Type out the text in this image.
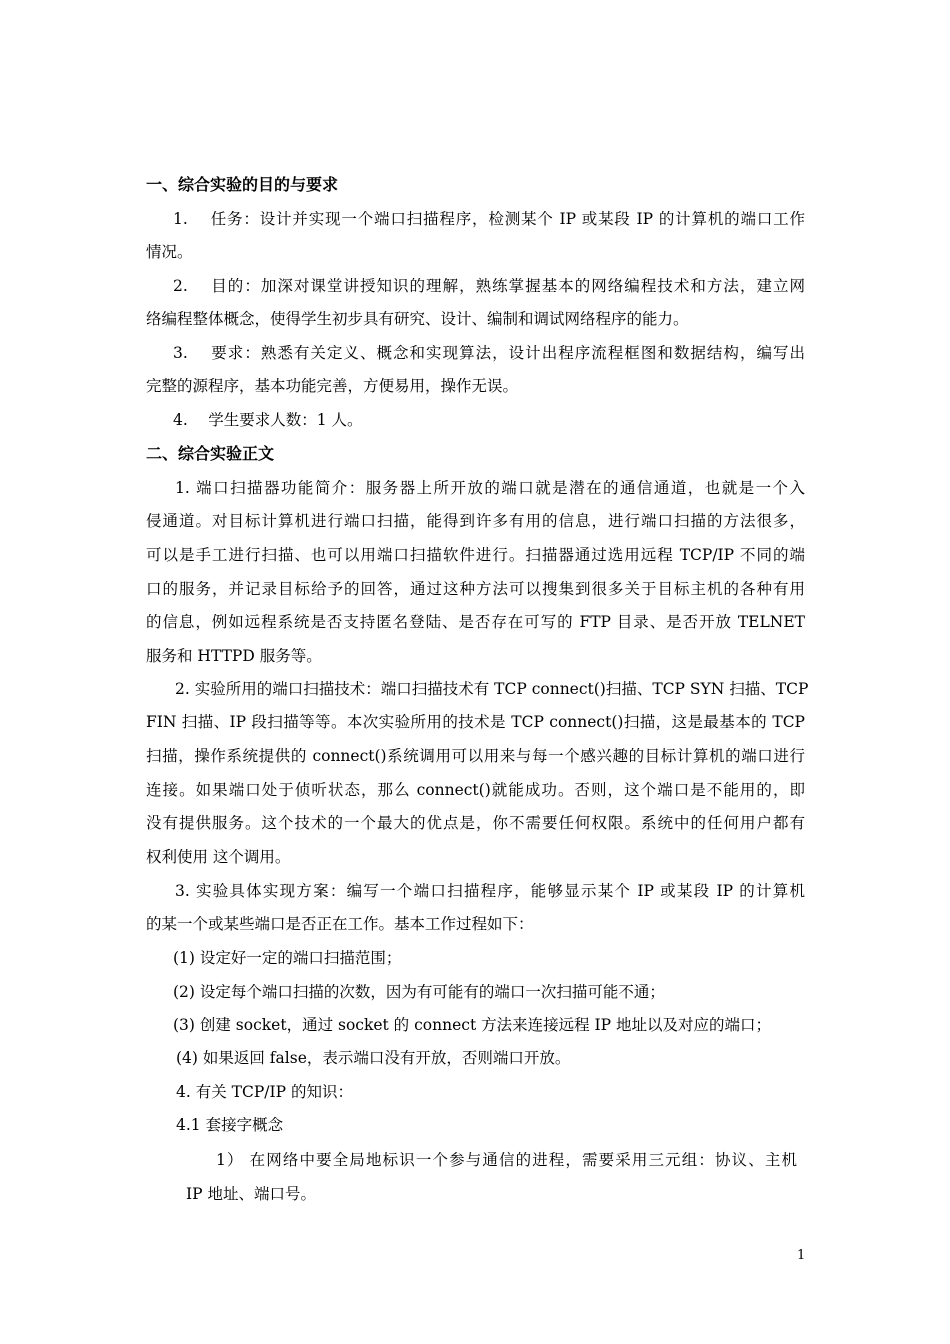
一、综合实验的目的与要求
1.　 任务：设计并实现一个端口扫描程序，检测某个 IP 或某段 IP 的计算机的端口工作
情况。
2.　 目的：加深对课堂讲授知识的理解，熟练掌握基本的网络编程技术和方法，建立网
络编程整体概念，使得学生初步具有研究、设计、编制和调试网络程序的能力。
3.　 要求：熟悉有关定义、概念和实现算法，设计出程序流程框图和数据结构，编写出
完整的源程序，基本功能完善，方便易用，操作无误。
4.　 学生要求人数：1 人。
二、综合实验正文
1. 端口扫描器功能简介：服务器上所开放的端口就是潜在的通信通道，也就是一个入
侵通道。对目标计算机进行端口扫描，能得到许多有用的信息，进行端口扫描的方法很多，
可以是手工进行扫描、也可以用端口扫描软件进行。扫描器通过选用远程 TCP/IP 不同的端
口的服务，并记录目标给予的回答，通过这种方法可以搜集到很多关于目标主机的各种有用
的信息，例如远程系统是否支持匿名登陆、是否存在可写的 FTP 目录、是否开放 TELNET
服务和 HTTPD 服务等。
2. 实验所用的端口扫描技术：端口扫描技术有 TCP connect()扫描、TCP SYN 扫描、TCP
FIN 扫描、IP 段扫描等等。本次实验所用的技术是 TCP connect()扫描，这是最基本的 TCP
扫描，操作系统提供的 connect()系统调用可以用来与每一个感兴趣的目标计算机的端口进行
连接。如果端口处于侦听状态，那么 connect()就能成功。否则，这个端口是不能用的，即
没有提供服务。这个技术的一个最大的优点是，你不需要任何权限。系统中的任何用户都有
权利使用 这个调用。
3. 实验具体实现方案：编写一个端口扫描程序，能够显示某个 IP 或某段 IP 的计算机
的某一个或某些端口是否正在工作。基本工作过程如下：
(1) 设定好一定的端口扫描范围；
(2) 设定每个端口扫描的次数，因为有可能有的端口一次扫描可能不通；
(3) 创建 socket，通过 socket 的 connect 方法来连接远程 IP 地址以及对应的端口；
(4) 如果返回 false，表示端口没有开放，否则端口开放。
4. 有关 TCP/IP 的知识：
4.1 套接字概念
1） 在网络中要全局地标识一个参与通信的进程，需要采用三元组：协议、主机
IP 地址、端口号。
1
